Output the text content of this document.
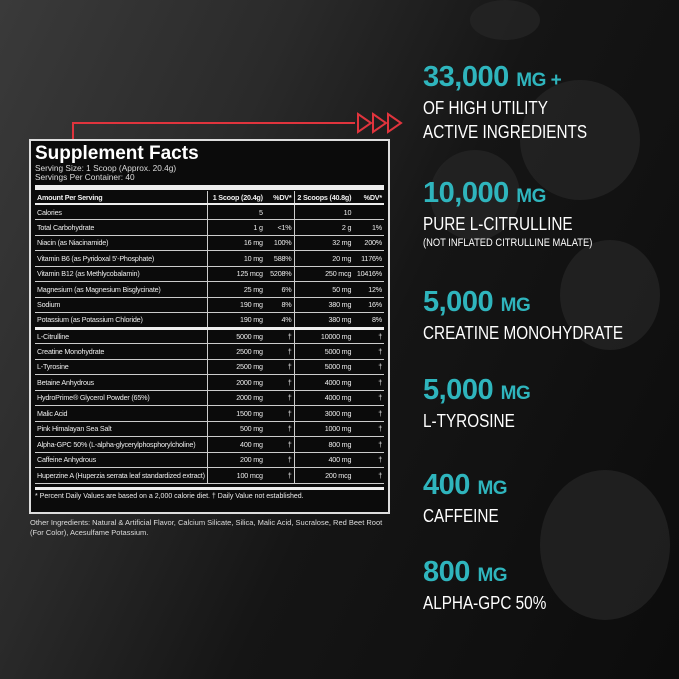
Supplement Facts
Serving Size: 1 Scoop (Approx. 20.4g)
Servings Per Container: 40
Amount Per Serving	1 Scoop (20.4g)	%DV*	2 Scoops (40.8g)	%DV*
Calories	5		10	
Total Carbohydrate	1 g	<1%	2 g	1%
Niacin (as Niacinamide)	16 mg	100%	32 mg	200%
Vitamin B6 (as Pyridoxal 5'-Phosphate)	10 mg	588%	20 mg	1176%
Vitamin B12 (as Methlycobalamin)	125 mcg	5208%	250 mcg	10416%
Magnesium (as Magnesium Bisglycinate)	25 mg	6%	50 mg	12%
Sodium	190 mg	8%	380 mg	16%
Potassium (as Potassium Chloride)	190 mg	4%	380 mg	8%
L-Citrulline	5000 mg	†	10000 mg	†
Creatine Monohydrate	2500 mg	†	5000 mg	†
L-Tyrosine	2500 mg	†	5000 mg	†
Betaine Anhydrous	2000 mg	†	4000 mg	†
HydroPrime® Glycerol Powder (65%)	2000 mg	†	4000 mg	†
Malic Acid	1500 mg	†	3000 mg	†
Pink Himalayan Sea Salt	500 mg	†	1000 mg	†
Alpha-GPC 50% (L-alpha-glycerylphosphorylcholine)	400 mg	†	800 mg	†
Caffeine Anhydrous	200 mg	†	400 mg	†
Huperzine A (Huperzia serrata leaf standardized extract)	100 mcg	†	200 mcg	†
* Percent Daily Values are based on a 2,000 calorie diet. † Daily Value not established.
Other Ingredients: Natural & Artificial Flavor, Calcium Silicate, Silica, Malic Acid, Sucralose, Red Beet Root (For Color), Acesulfame Potassium.
33,000 MG +
OF HIGH UTILITY
ACTIVE INGREDIENTS
10,000 MG
PURE L-CITRULLINE
(NOT INFLATED CITRULLINE MALATE)
5,000 MG
CREATINE MONOHYDRATE
5,000 MG
L-TYROSINE
400 MG
CAFFEINE
800 MG
ALPHA-GPC 50%
